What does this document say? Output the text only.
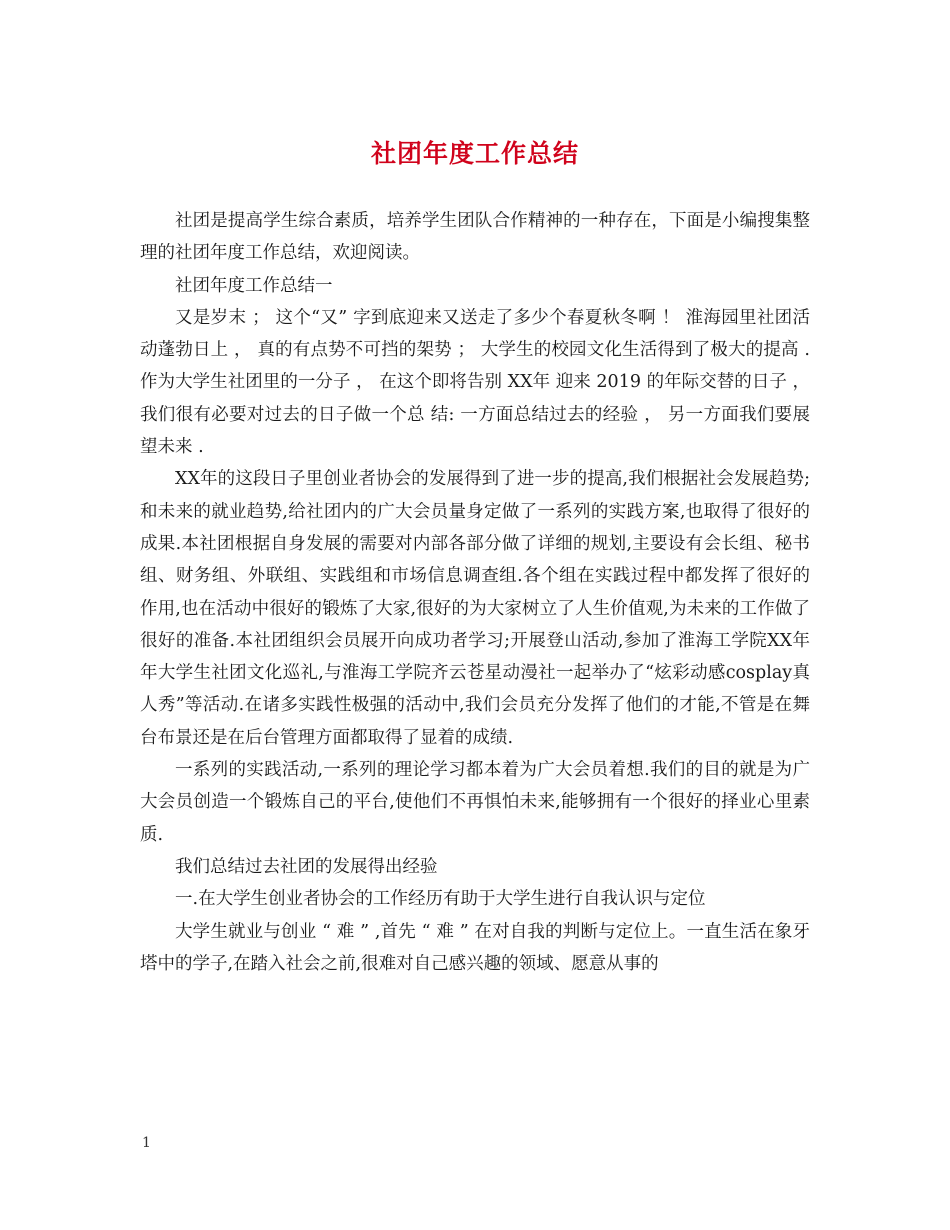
社团年度工作总结

社团是提高学生综合素质，培养学生团队合作精神的一种存在，下面是小编搜集整理的社团年度工作总结，欢迎阅读。

社团年度工作总结一

又是岁末 ； 这个“又” 字到底迎来又送走了多少个春夏秋冬啊 ！ 淮海园里社团活动蓬勃日上 ， 真的有点势不可挡的架势 ； 大学生的校园文化生活得到了极大的提高 . 作为大学生社团里的一分子 ， 在这个即将告别 XX年 迎来 2019 的年际交替的日子 ， 我们很有必要对过去的日子做一个总 结: 一方面总结过去的经验 ， 另一方面我们要展望未来 .

XX年的这段日子里创业者协会的发展得到了进一步的提高,我们根据社会发展趋势;和未来的就业趋势,给社团内的广大会员量身定做了一系列的实践方案,也取得了很好的成果.本社团根据自身发展的需要对内部各部分做了详细的规划,主要设有会长组、秘书组、财务组、外联组、实践组和市场信息调查组.各个组在实践过程中都发挥了很好的作用,也在活动中很好的锻炼了大家,很好的为大家树立了人生价值观,为未来的工作做了很好的准备.本社团组织会员展开向成功者学习;开展登山活动,参加了淮海工学院XX年年大学生社团文化巡礼,与淮海工学院齐云苍星动漫社一起举办了“炫彩动感cosplay真人秀”等活动.在诸多实践性极强的活动中,我们会员充分发挥了他们的才能,不管是在舞台布景还是在后台管理方面都取得了显着的成绩.

一系列的实践活动,一系列的理论学习都本着为广大会员着想.我们的目的就是为广大会员创造一个锻炼自己的平台,使他们不再惧怕未来,能够拥有一个很好的择业心里素质.

我们总结过去社团的发展得出经验

一.在大学生创业者协会的工作经历有助于大学生进行自我认识与定位

大学生就业与创业 “ 难 ” ,首先 “ 难 ” 在对自我的判断与定位上。一直生活在象牙塔中的学子,在踏入社会之前,很难对自己感兴趣的领域、愿意从事的

1
